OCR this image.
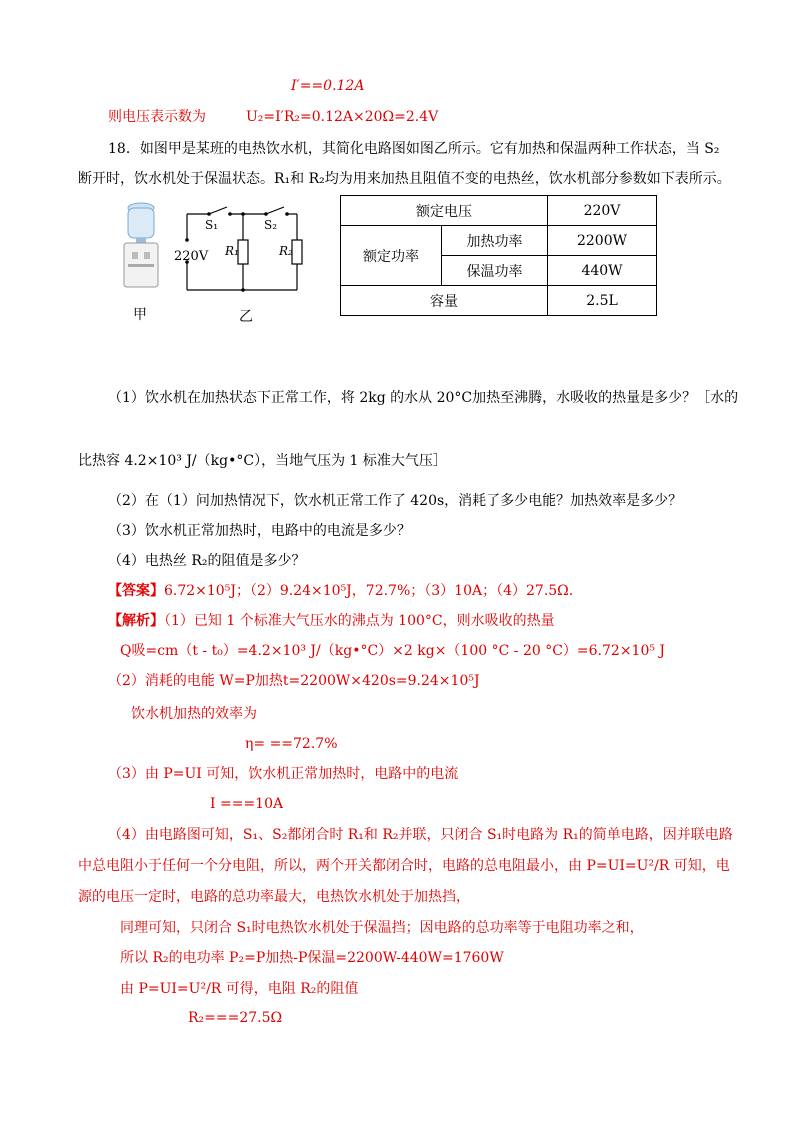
I′==0.12A
则电压表示数为	U₂=I′R₂=0.12A×20Ω=2.4V
18．如图甲是某班的电热饮水机，其简化电路图如图乙所示。它有加热和保温两种工作状态，当 S₂
断开时，饮水机处于保温状态。R₁和 R₂均为用来加热且阻值不变的电热丝，饮水机部分参数如下表所示。
甲
S₁	S₂
220V R₁	R₂
乙
额定电压		220V
额定功率	加热功率	2200W
	保温功率	440W
容量		2.5L
（1）饮水机在加热状态下正常工作，将 2kg 的水从 20°C加热至沸腾，水吸收的热量是多少？［水的
比热容 4.2×10³ J/（kg•°C），当地气压为 1 标准大气压］
（2）在（1）问加热情况下，饮水机正常工作了 420s，消耗了多少电能？加热效率是多少？
（3）饮水机正常加热时，电路中的电流是多少？
（4）电热丝 R₂的阻值是多少？
【答案】6.72×10⁵J；（2）9.24×10⁵J，72.7%；（3）10A；（4）27.5Ω.
【解析】（1）已知 1 个标准大气压水的沸点为 100°C，则水吸收的热量
Q吸=cm（t - t₀）=4.2×10³ J/（kg•°C）×2 kg×（100 °C - 20 °C）=6.72×10⁵ J
（2）消耗的电能 W=P加热t=2200W×420s=9.24×10⁵J
饮水机加热的效率为
η= ==72.7%
（3）由 P=UI 可知，饮水机正常加热时，电路中的电流
I ===10A
（4）由电路图可知，S₁、S₂都闭合时 R₁和 R₂并联，只闭合 S₁时电路为 R₁的简单电路，因并联电路
中总电阻小于任何一个分电阻，所以，两个开关都闭合时，电路的总电阻最小，由 P=UI=U²/R 可知，电
源的电压一定时，电路的总功率最大，电热饮水机处于加热挡，
同理可知，只闭合 S₁时电热饮水机处于保温挡；因电路的总功率等于电阻功率之和，
所以 R₂的电功率 P₂=P加热-P保温=2200W-440W=1760W
由 P=UI=U²/R 可得，电阻 R₂的阻值
R₂===27.5Ω
